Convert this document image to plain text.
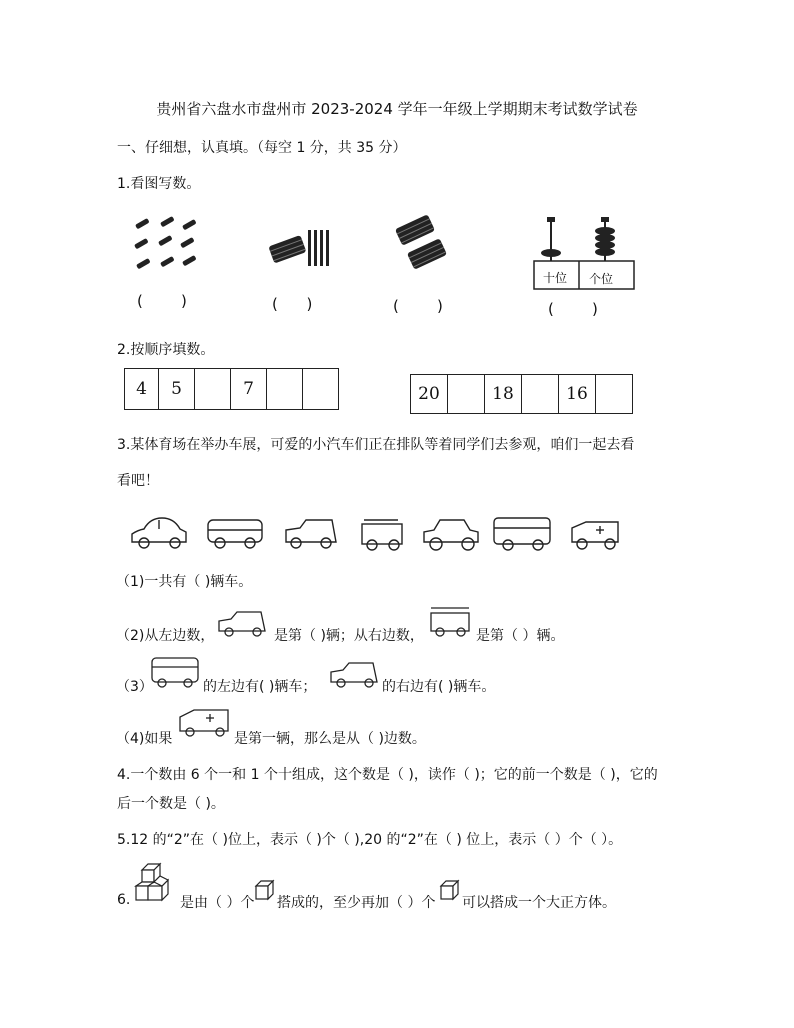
贵州省六盘水市盘州市 2023-2024 学年一年级上学期期末考试数学试卷
一、仔细想，认真填。（每空 1 分，共 35 分）
1.看图写数。
(        )	(      )	(        )
十位 个位
(        )
2.按顺序填数。
4	5	7	20	18	16
3.某体育场在举办车展，可爱的小汽车们正在排队等着同学们去参观，咱们一起去看
看吧！
（1)一共有（ )辆车。
（2)从左边数，	是第（ )辆；从右边数，	是第（ ）辆。
（3）	的左边有( )辆车；	的右边有( )辆车。
（4)如果	是第一辆，那么是从（ )边数。
4.一个数由 6 个一和 1 个十组成，这个数是（ )，读作（ )；它的前一个数是（ )，它的
后一个数是（ )。
5.12 的“2”在（ )位上，表示（ )个（ ),20 的“2”在（ ) 位上，表示（ ）个（ ）。
6.	是由（ ）个 搭成的，至少再加（ ）个 可以搭成一个大正方体。
